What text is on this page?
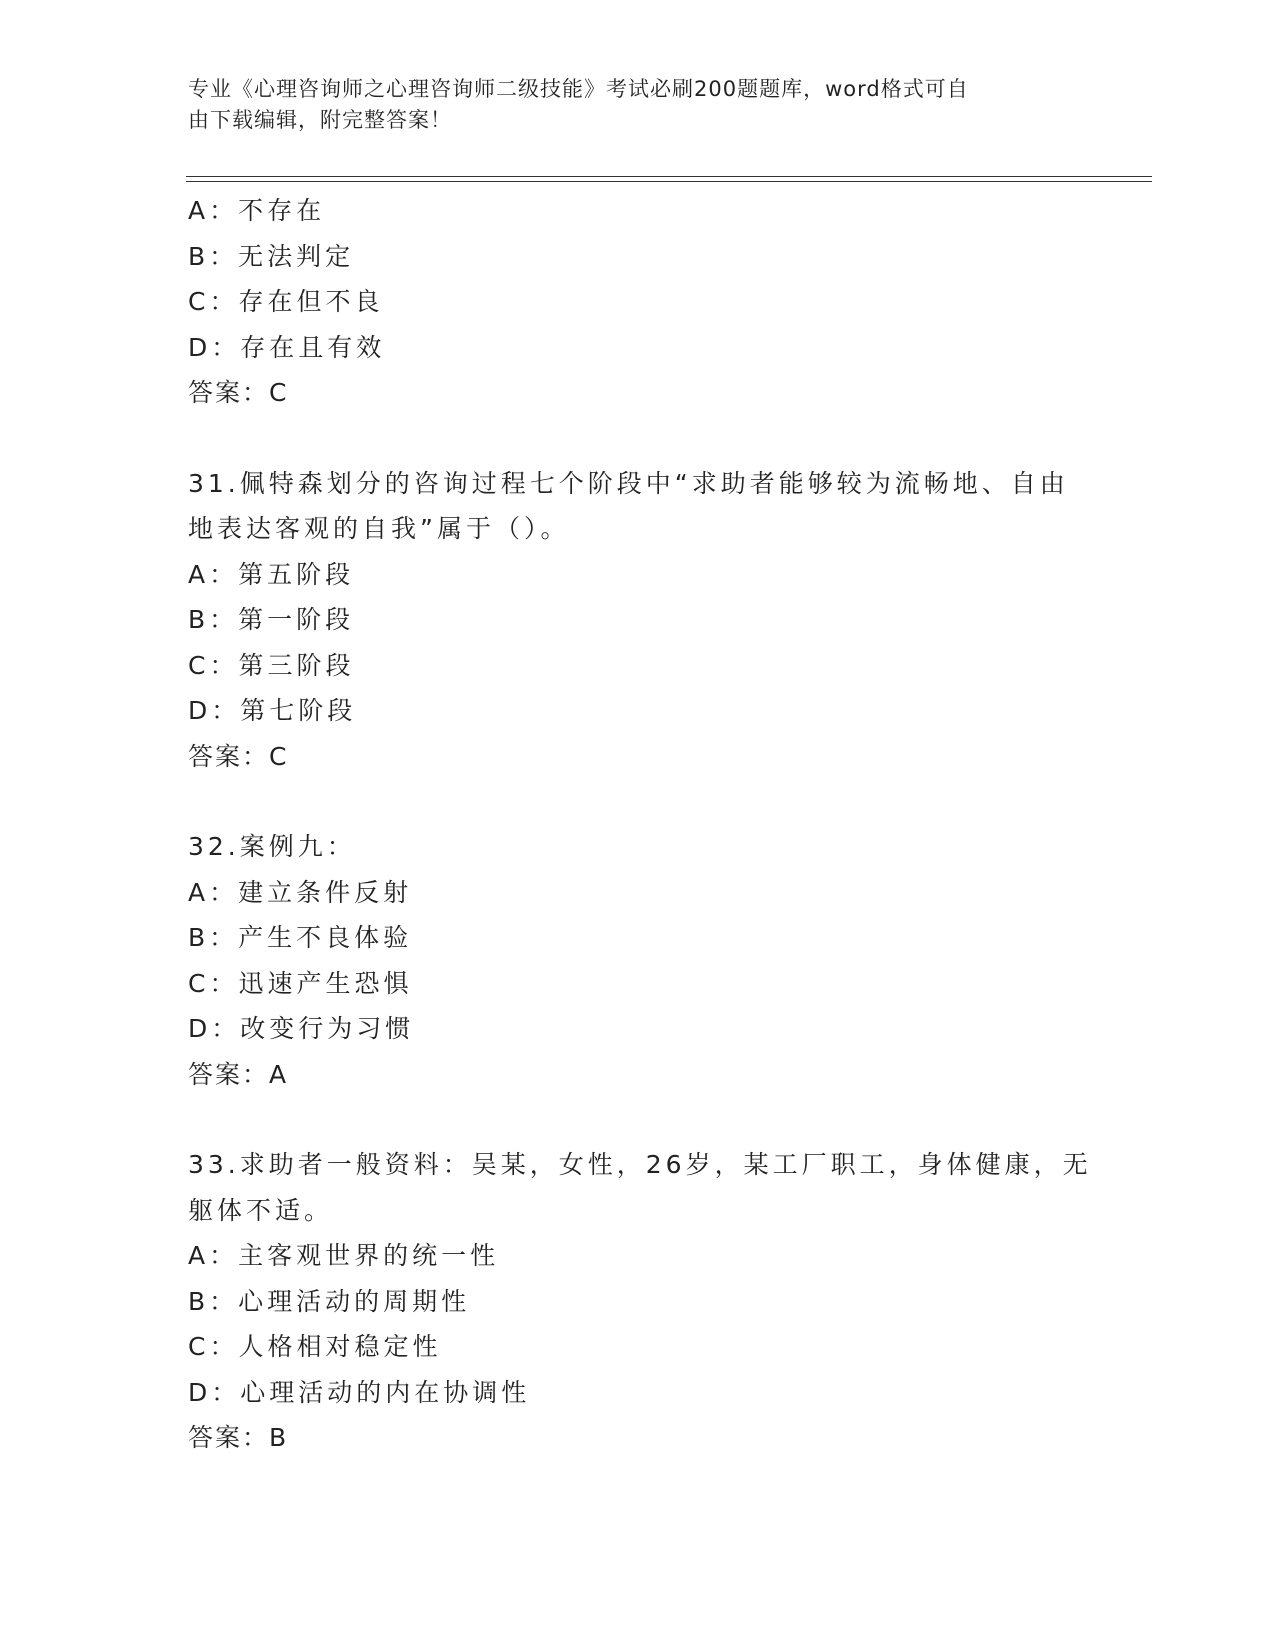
专业《心理咨询师之心理咨询师二级技能》考试必刷200题题库，word格式可自
由下载编辑，附完整答案！
A：不存在
B：无法判定
C：存在但不良
D：存在且有效
答案：C
31.佩特森划分的咨询过程七个阶段中“求助者能够较为流畅地、自由
地表达客观的自我”属于（）。
A：第五阶段
B：第一阶段
C：第三阶段
D：第七阶段
答案：C
32.案例九：
A：建立条件反射
B：产生不良体验
C：迅速产生恐惧
D：改变行为习惯
答案：A
33.求助者一般资料：吴某，女性，26岁，某工厂职工，身体健康，无
躯体不适。
A：主客观世界的统一性
B：心理活动的周期性
C：人格相对稳定性
D：心理活动的内在协调性
答案：B
